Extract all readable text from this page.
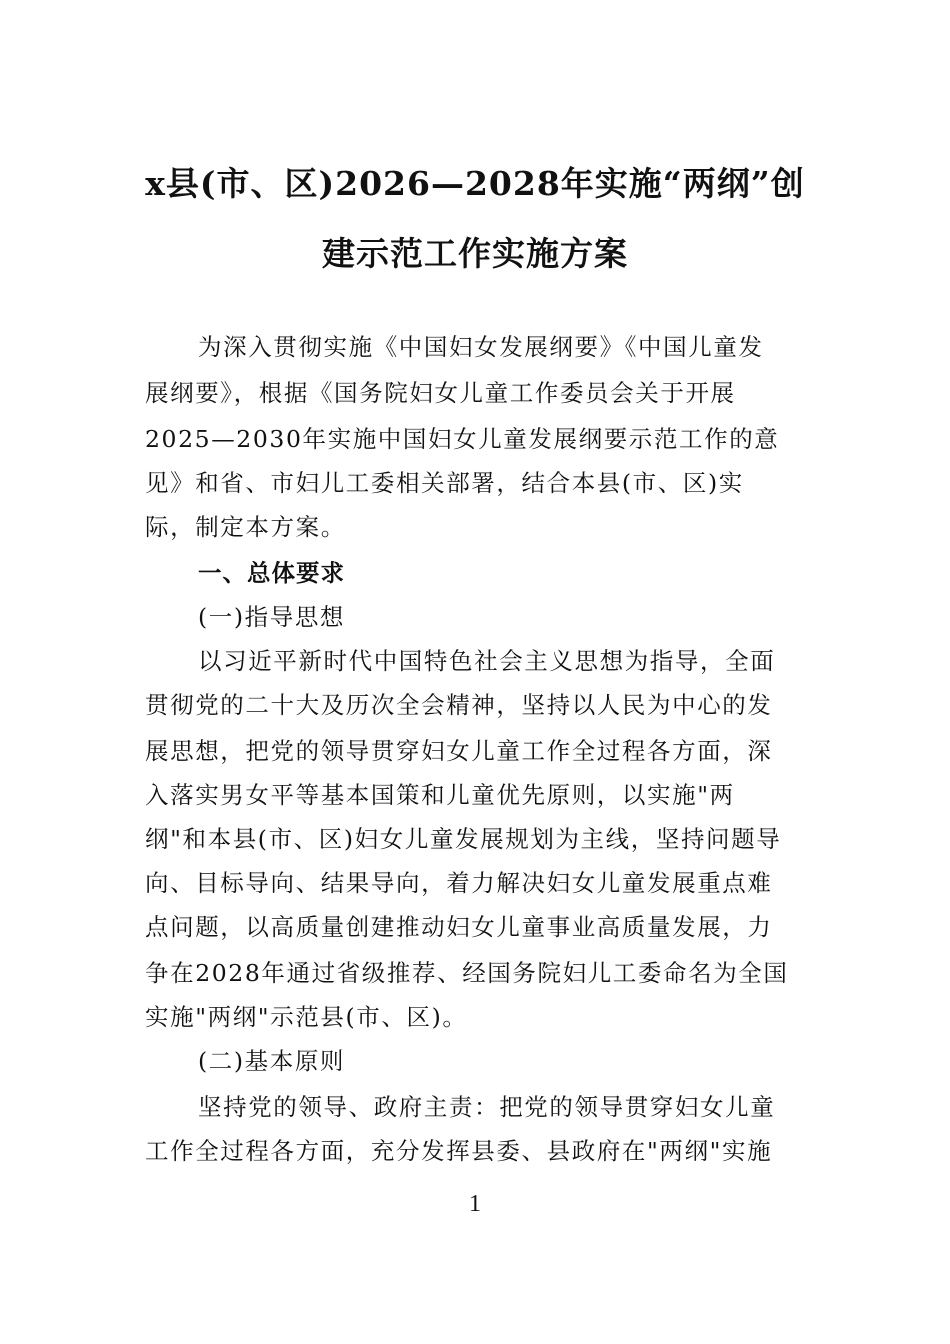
x县(市、区)2026—2028年实施“两纲”创
建示范工作实施方案
为深入贯彻实施《中国妇女发展纲要》《中国儿童发
展纲要》，根据《国务院妇女儿童工作委员会关于开展
2025—2030年实施中国妇女儿童发展纲要示范工作的意
见》和省、市妇儿工委相关部署，结合本县(市、区)实
际，制定本方案。
一、总体要求
(一)指导思想
以习近平新时代中国特色社会主义思想为指导，全面
贯彻党的二十大及历次全会精神，坚持以人民为中心的发
展思想，把党的领导贯穿妇女儿童工作全过程各方面，深
入落实男女平等基本国策和儿童优先原则，以实施"两
纲"和本县(市、区)妇女儿童发展规划为主线，坚持问题导
向、目标导向、结果导向，着力解决妇女儿童发展重点难
点问题，以高质量创建推动妇女儿童事业高质量发展，力
争在2028年通过省级推荐、经国务院妇儿工委命名为全国
实施"两纲"示范县(市、区)。
(二)基本原则
坚持党的领导、政府主责：把党的领导贯穿妇女儿童
工作全过程各方面，充分发挥县委、县政府在"两纲"实施
1
